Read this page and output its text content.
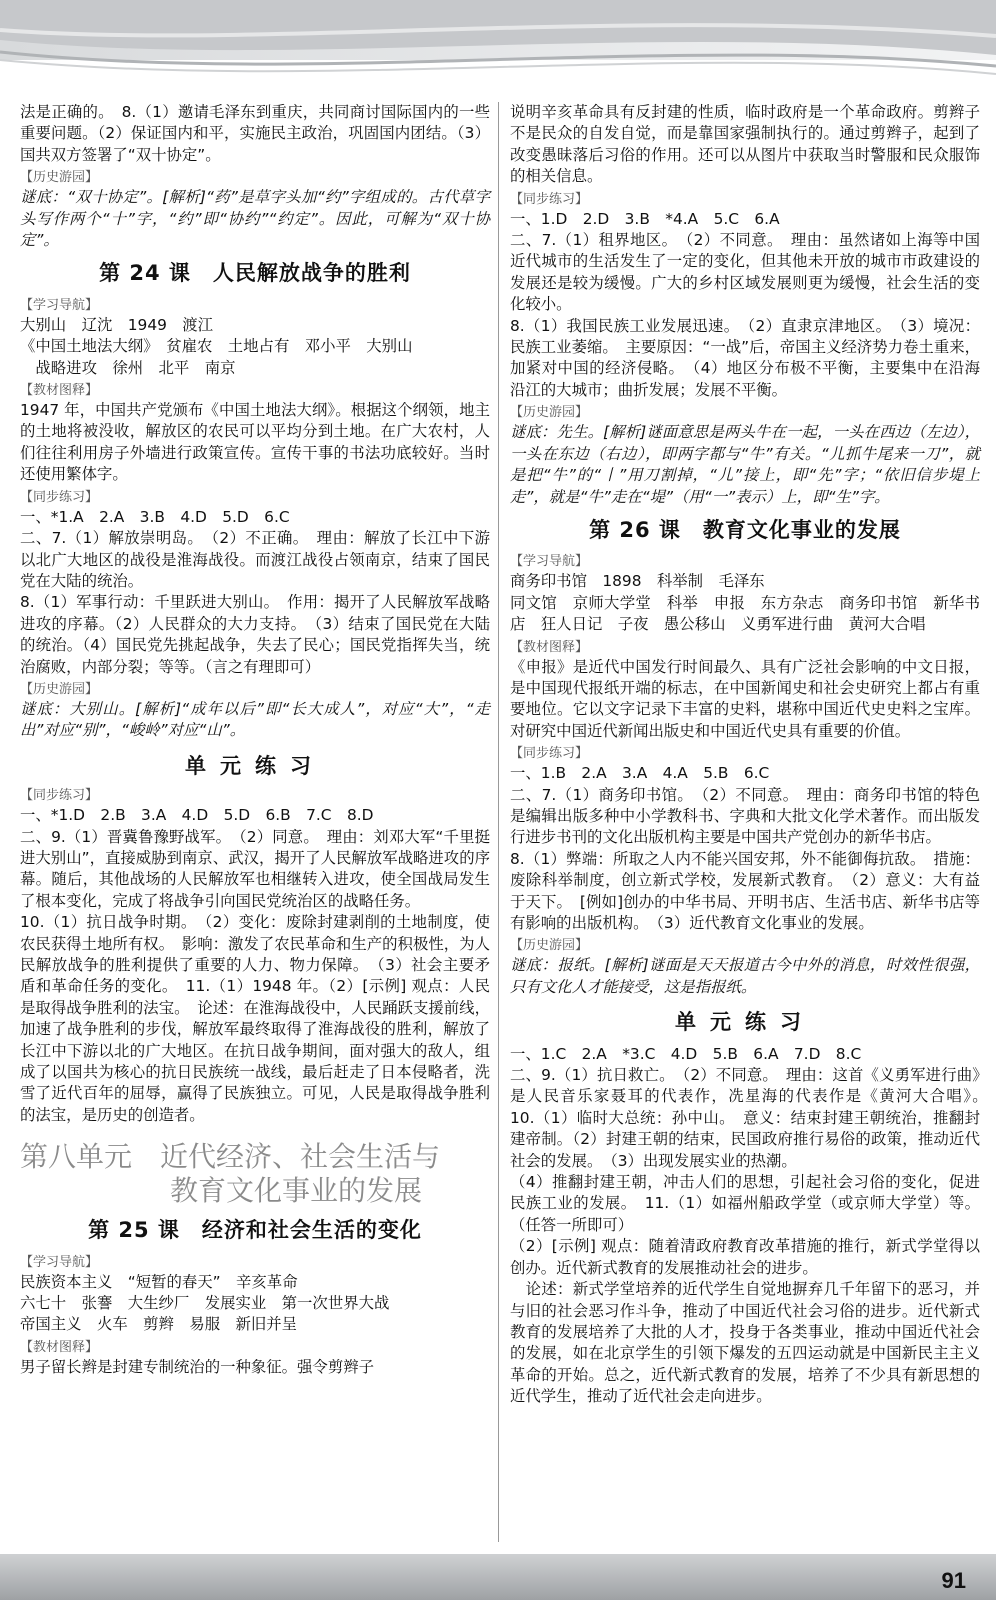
法是正确的。　8.（1）邀请毛泽东到重庆，共同商讨国际国内的一些重要问题。（2）保证国内和平，实施民主政治，巩固国内团结。（3）国共双方签署了“双十协定”。

【历史游园】

谜底：“双十协定”。[解析]“药”是草字头加“约”字组成的。古代草字头写作两个“十”字，“约”即“协约”“约定”。因此，可解为“双十协定”。

第 24 课　人民解放战争的胜利
【学习导航】

大别山　辽沈　1949　渡江
《中国土地法大纲》　贫雇农　土地占有　邓小平　大别山
　战略进攻　徐州　北平　南京

【教材图释】

1947 年，中国共产党颁布《中国土地法大纲》。根据这个纲领，地主的土地将被没收，解放区的农民可以平均分到土地。在广大农村，人们往往利用房子外墙进行政策宣传。宣传干事的书法功底较好。当时还使用繁体字。

【同步练习】

一、*1.A　2.A　3.B　4.D　5.D　6.C

二、7.（1）解放崇明岛。　（2）不正确。　理由：解放了长江中下游以北广大地区的战役是淮海战役。而渡江战役占领南京，结束了国民党在大陆的统治。
8.（1）军事行动：千里跃进大别山。　作用：揭开了人民解放军战略进攻的序幕。（2）人民群众的大力支持。　（3）结束了国民党在大陆的统治。（4）国民党先挑起战争，失去了民心；国民党指挥失当，统治腐败，内部分裂；等等。（言之有理即可）

【历史游园】

谜底：大别山。[解析]“成年以后”即“长大成人”，对应“大”，“走出”对应“别”，“峻岭”对应“山”。

单元练习
【同步练习】

一、*1.D　2.B　3.A　4.D　5.D　6.B　7.C　8.D

二、9.（1）晋冀鲁豫野战军。　（2）同意。　理由：刘邓大军“千里挺进大别山”，直接威胁到南京、武汉，揭开了人民解放军战略进攻的序幕。随后，其他战场的人民解放军也相继转入进攻，使全国战局发生了根本变化，完成了将战争引向国民党统治区的战略任务。
10.（1）抗日战争时期。　（2）变化：废除封建剥削的土地制度，使农民获得土地所有权。　影响：激发了农民革命和生产的积极性，为人民解放战争的胜利提供了重要的人力、物力保障。　（3）社会主要矛盾和革命任务的变化。　11.（1）1948 年。（2）[示例] 观点：人民是取得战争胜利的法宝。　论述：在淮海战役中，人民踊跃支援前线，加速了战争胜利的步伐，解放军最终取得了淮海战役的胜利，解放了长江中下游以北的广大地区。在抗日战争期间，面对强大的敌人，组成了以国共为核心的抗日民族统一战线，最后赶走了日本侵略者，洗雪了近代百年的屈辱，赢得了民族独立。可见，人民是取得战争胜利的法宝，是历史的创造者。

第八单元　近代经济、社会生活与
教育文化事业的发展
第 25 课　经济和社会生活的变化
【学习导航】

民族资本主义　“短暂的春天”　辛亥革命
六七十　张謇　大生纱厂　发展实业　第一次世界大战
帝国主义　火车　剪辫　易服　新旧并呈

【教材图释】

男子留长辫是封建专制统治的一种象征。强令剪辫子

说明辛亥革命具有反封建的性质，临时政府是一个革命政府。剪辫子不是民众的自发自觉，而是靠国家强制执行的。通过剪辫子，起到了改变愚昧落后习俗的作用。还可以从图片中获取当时警服和民众服饰的相关信息。

【同步练习】

一、1.D　2.D　3.B　*4.A　5.C　6.A

二、7.（1）租界地区。　（2）不同意。　理由：虽然诸如上海等中国近代城市的生活发生了一定的变化，但其他未开放的城市市政建设的发展还是较为缓慢。广大的乡村区域发展则更为缓慢，社会生活的变化较小。
8.（1）我国民族工业发展迅速。　（2）直隶京津地区。　（3）境况：民族工业萎缩。　主要原因：“一战”后，帝国主义经济势力卷土重来，加紧对中国的经济侵略。　（4）地区分布极不平衡，主要集中在沿海沿江的大城市；曲折发展；发展不平衡。

【历史游园】

谜底：先生。[解析]谜面意思是两头牛在一起，一头在西边（左边），一头在东边（右边），即两字都与“牛”有关。“儿抓牛尾来一刀”，就是把“牛”的“丨”用刀割掉，“儿”接上，即“先”字；“依旧信步堤上走”，就是“牛”走在“堤”（用“一”表示）上，即“生”字。

第 26 课　教育文化事业的发展
【学习导航】

商务印书馆　1898　科举制　毛泽东
同文馆　京师大学堂　科举　申报　东方杂志　商务印书馆　新华书店　狂人日记　子夜　愚公移山　义勇军进行曲　黄河大合唱

【教材图释】

《申报》是近代中国发行时间最久、具有广泛社会影响的中文日报，是中国现代报纸开端的标志，在中国新闻史和社会史研究上都占有重要地位。它以文字记录下丰富的史料，堪称中国近代史史料之宝库。对研究中国近代新闻出版史和中国近代史具有重要的价值。

【同步练习】

一、1.B　2.A　3.A　4.A　5.B　6.C

二、7.（1）商务印书馆。　（2）不同意。　理由：商务印书馆的特色是编辑出版多种中小学教科书、字典和大批文化学术著作。而出版发行进步书刊的文化出版机构主要是中国共产党创办的新华书店。
8.（1）弊端：所取之人内不能兴国安邦，外不能御侮抗敌。　措施：废除科举制度，创立新式学校，发展新式教育。　（2）意义：大有益于天下。　[例如]创办的中华书局、开明书店、生活书店、新华书店等有影响的出版机构。　（3）近代教育文化事业的发展。

【历史游园】

谜底：报纸。[解析]谜面是天天报道古今中外的消息，时效性很强，只有文化人才能接受，这是指报纸。

单元练习

一、1.C　2.A　*3.C　4.D　5.B　6.A　7.D　8.C

二、9.（1）抗日救亡。　（2）不同意。　理由：这首《义勇军进行曲》是人民音乐家聂耳的代表作，冼星海的代表作是《黄河大合唱》。　10.（1）临时大总统：孙中山。　意义：结束封建王朝统治，推翻封建帝制。（2）封建王朝的结束，民国政府推行易俗的政策，推动近代社会的发展。　（3）出现发展实业的热潮。
（4）推翻封建王朝，冲击人们的思想，引起社会习俗的变化，促进民族工业的发展。　11.（1）如福州船政学堂（或京师大学堂）等。（任答一所即可）
（2）[示例] 观点：随着清政府教育改革措施的推行，新式学堂得以创办。近代新式教育的发展推动社会的进步。
　论述：新式学堂培养的近代学生自觉地摒弃几千年留下的恶习，并与旧的社会恶习作斗争，推动了中国近代社会习俗的进步。近代新式教育的发展培养了大批的人才，投身于各类事业，推动中国近代社会的发展，如在北京学生的引领下爆发的五四运动就是中国新民主主义革命的开始。总之，近代新式教育的发展，培养了不少具有新思想的近代学生，推动了近代社会走向进步。

91
